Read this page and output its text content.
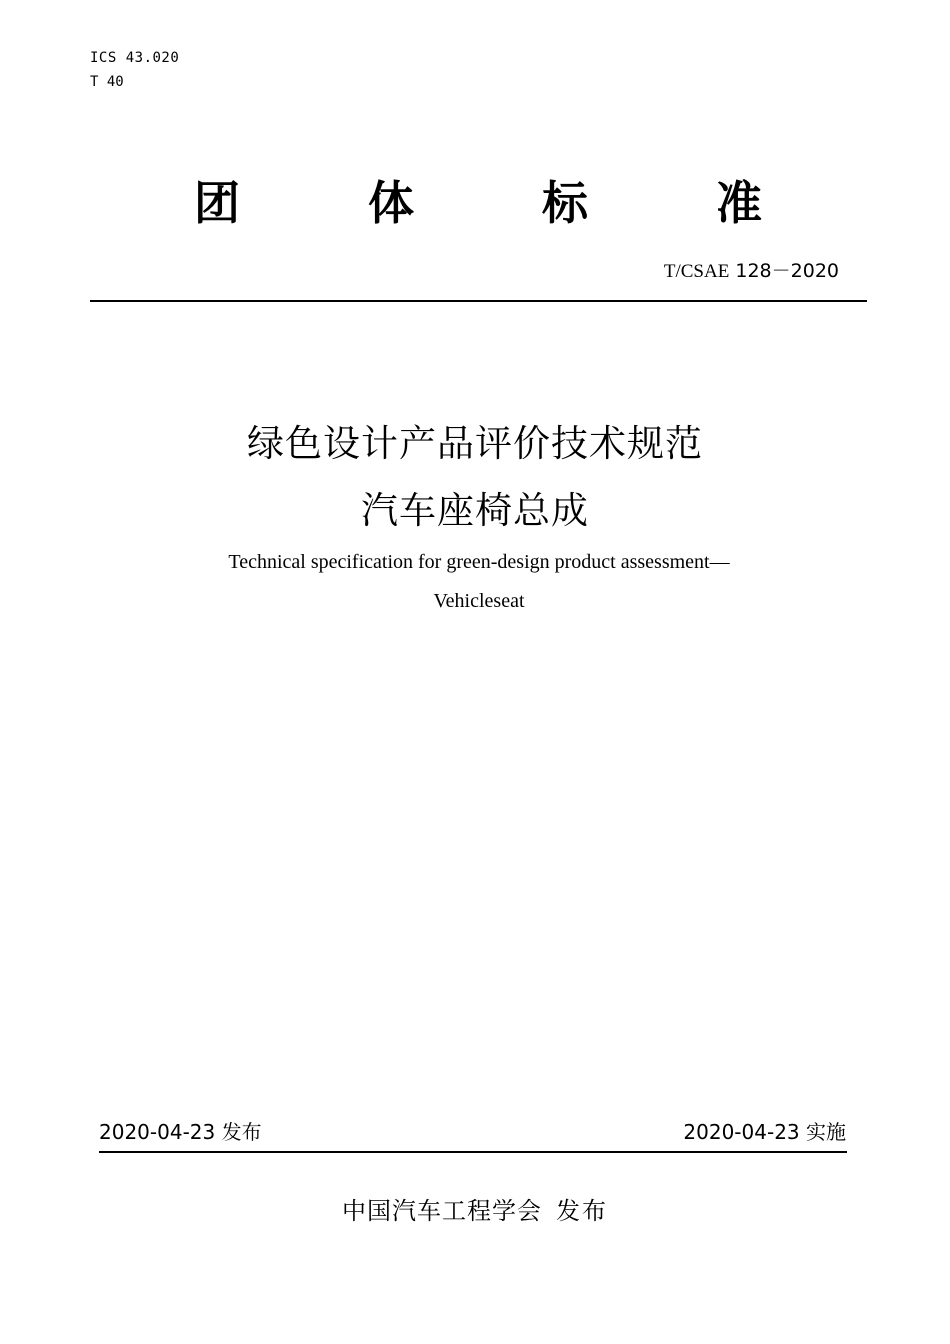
ICS 43.020
T 40
团	体	标	准
T/CSAE 128－2020
绿色设计产品评价技术规范
汽车座椅总成
Technical specification for green-design product assessment—
Vehicleseat
2020-04-23 发布	2020-04-23 实施
中国汽车工程学会 发布
